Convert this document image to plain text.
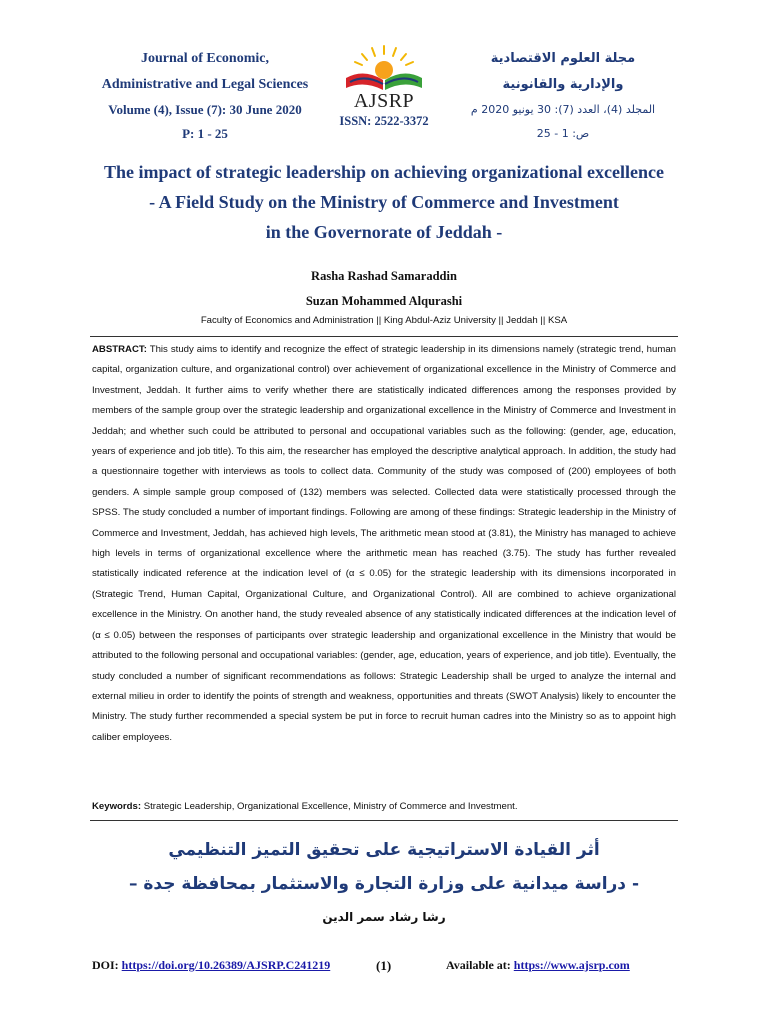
Journal of Economic,
Administrative and Legal Sciences
Volume (4), Issue (7): 30 June 2020
P: 1 - 25
AJSRP
ISSN: 2522-3372
مجلة العلوم الاقتصادية
والإدارية والقانونية
المجلد (4)، العدد (7): 30 يونيو 2020 م
ص: 1 - 25
The impact of strategic leadership on achieving organizational excellence
- A Field Study on the Ministry of Commerce and Investment
in the Governorate of Jeddah -
Rasha Rashad Samaraddin
Suzan Mohammed Alqurashi
Faculty of Economics and Administration || King Abdul-Aziz University || Jeddah || KSA
ABSTRACT: This study aims to identify and recognize the effect of strategic leadership in its dimensions namely (strategic trend, human capital, organization culture, and organizational control) over achievement of organizational excellence in the Ministry of Commerce and Investment, Jeddah. It further aims to verify whether there are statistically indicated differences among the responses provided by members of the sample group over the strategic leadership and organizational excellence in the Ministry of Commerce and Investment in Jeddah; and whether such could be attributed to personal and occupational variables such as the following: (gender, age, education, years of experience and job title). To this aim, the researcher has employed the descriptive analytical approach. In addition, the study had a questionnaire together with interviews as tools to collect data. Community of the study was composed of (200) employees of both genders. A simple sample group composed of (132) members was selected. Collected data were statistically processed through the SPSS. The study concluded a number of important findings. Following are among of these findings: Strategic leadership in the Ministry of Commerce and Investment, Jeddah, has achieved high levels, The arithmetic mean stood at (3.81), the Ministry has managed to achieve high levels in terms of organizational excellence where the arithmetic mean has reached (3.75). The study has further revealed statistically indicated reference at the indication level of (α ≤ 0.05) for the strategic leadership with its dimensions incorporated in (Strategic Trend, Human Capital, Organizational Culture, and Organizational Control). All are combined to achieve organizational excellence in the Ministry. On another hand, the study revealed absence of any statistically indicated differences at the indication level of (α ≤ 0.05) between the responses of participants over strategic leadership and organizational excellence in the Ministry that would be attributed to the following personal and occupational variables: (gender, age, education, years of experience, and job title). Eventually, the study concluded a number of significant recommendations as follows: Strategic Leadership shall be urged to analyze the internal and external milieu in order to identify the points of strength and weakness, opportunities and threats (SWOT Analysis) likely to encounter the Ministry. The study further recommended a special system be put in force to recruit human cadres into the Ministry so as to appoint high caliber employees.
Keywords: Strategic Leadership, Organizational Excellence, Ministry of Commerce and Investment.
أثر القيادة الاستراتيجية على تحقيق التميز التنظيمي
- دراسة ميدانية على وزارة التجارة والاستثمار بمحافظة جدة –
رشا رشاد سمر الدين
DOI: https://doi.org/10.26389/AJSRP.C241219	(1)	Available at: https://www.ajsrp.com
